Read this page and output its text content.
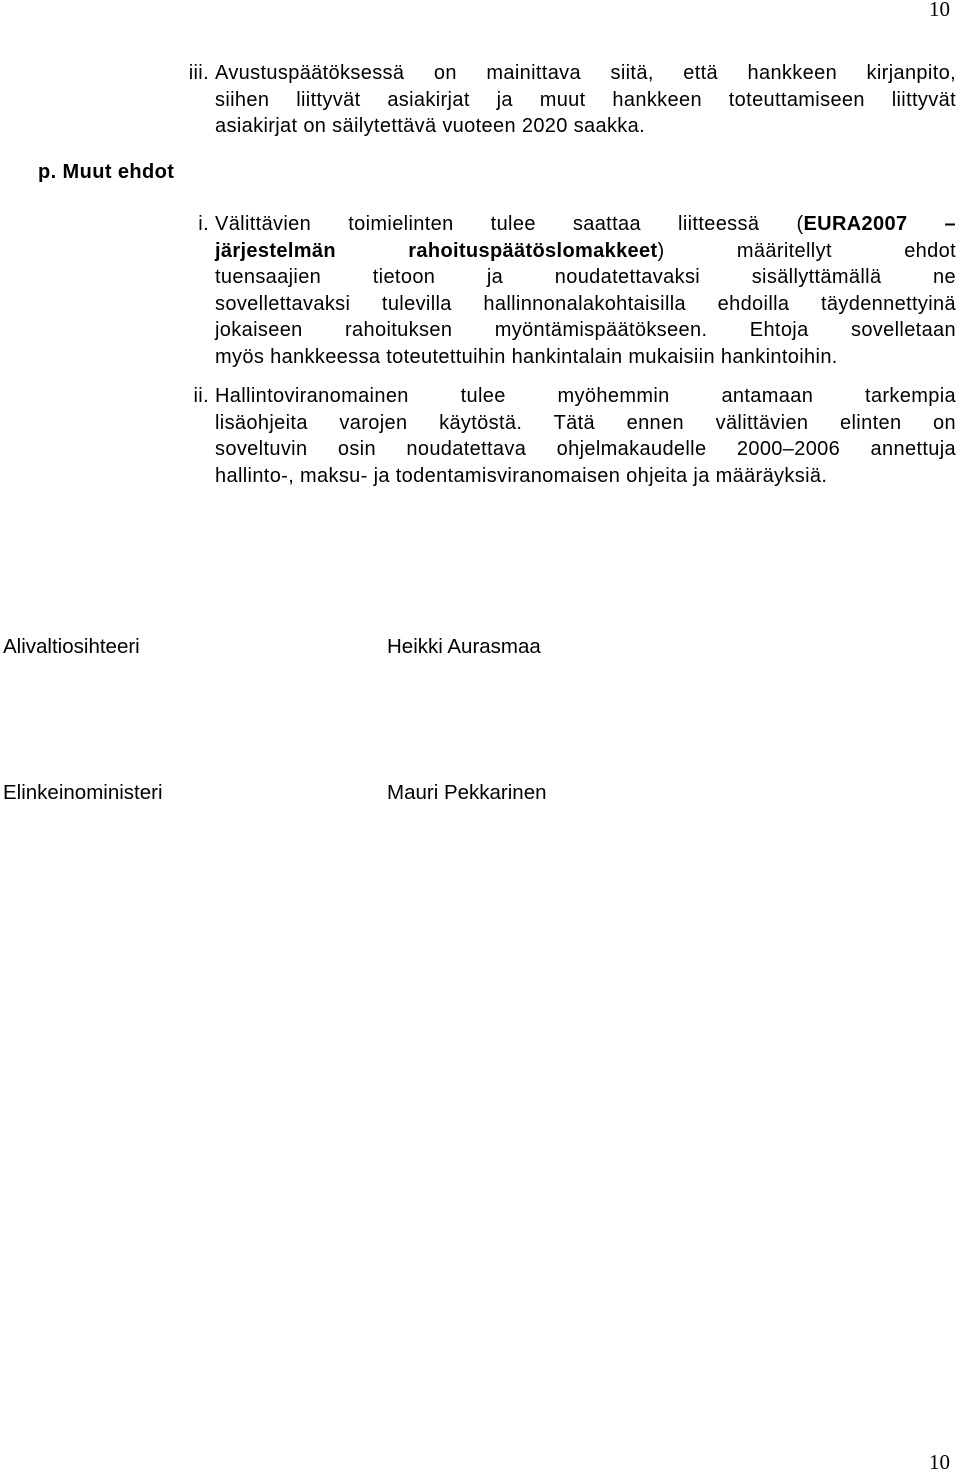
10
iii. Avustuspäätöksessä on mainittava siitä, että hankkeen kirjanpito,
siihen liittyvät asiakirjat ja muut hankkeen toteuttamiseen liittyvät
asiakirjat on säilytettävä vuoteen 2020 saakka.
p. Muut ehdot
i. Välittävien toimielinten tulee saattaa liitteessä (EURA2007 –
järjestelmän rahoituspäätöslomakkeet) määritellyt ehdot
tuensaajien tietoon ja noudatettavaksi sisällyttämällä ne
sovellettavaksi tulevilla hallinnonalakohtaisilla ehdoilla täydennettyinä
jokaiseen rahoituksen myöntämispäätökseen. Ehtoja sovelletaan
myös hankkeessa toteutettuihin hankintalain mukaisiin hankintoihin.
ii. Hallintoviranomainen tulee myöhemmin antamaan tarkempia
lisäohjeita varojen käytöstä. Tätä ennen välittävien elinten on
soveltuvin osin noudatettava ohjelmakaudelle 2000–2006 annettuja
hallinto-, maksu- ja todentamisviranomaisen ohjeita ja määräyksiä.
Alivaltiosihteeri	Heikki Aurasmaa
Elinkeinoministeri	Mauri Pekkarinen
10
